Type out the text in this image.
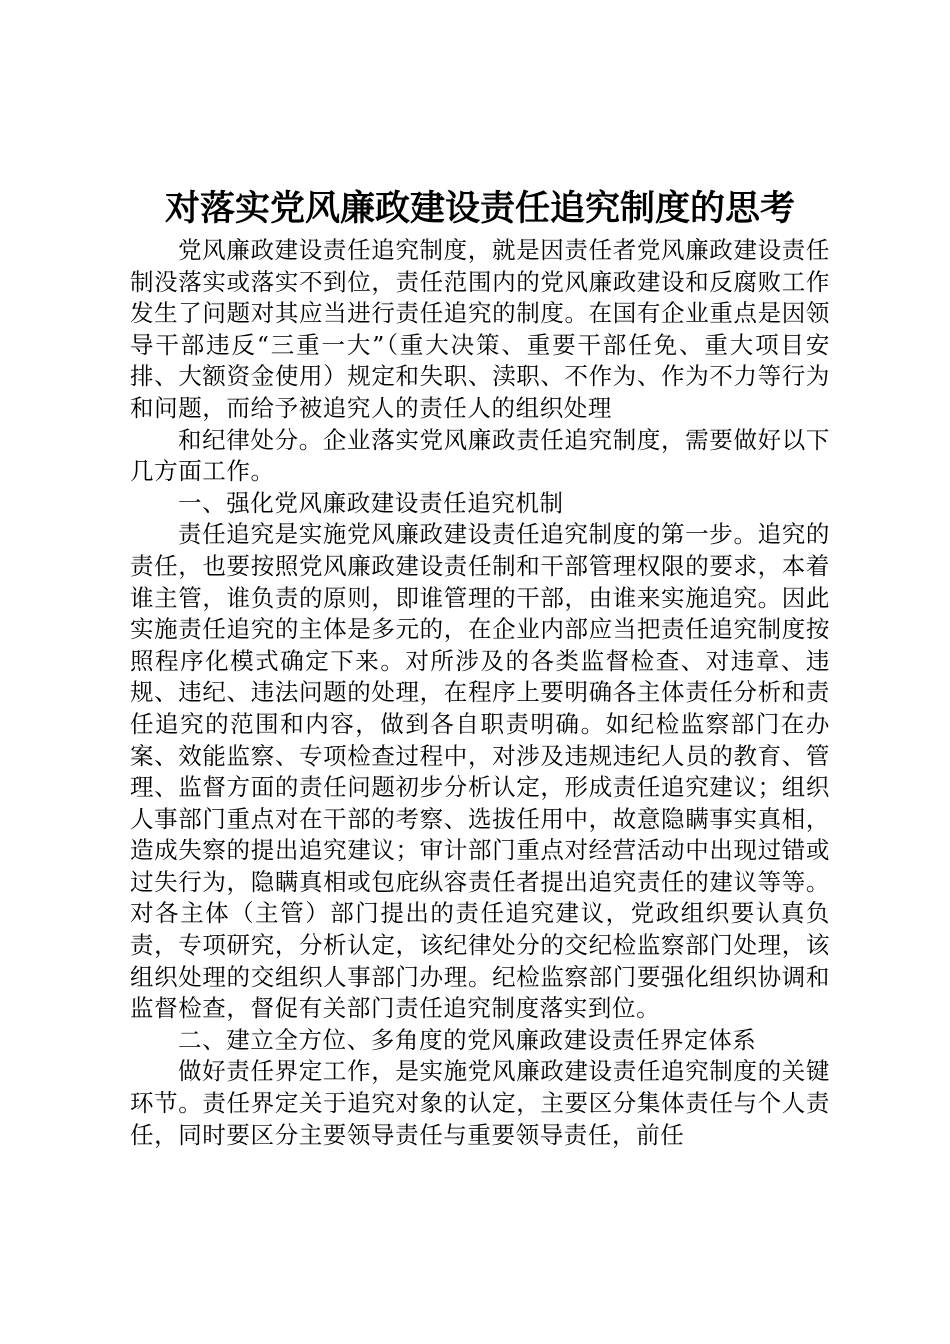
对落实党风廉政建设责任追究制度的思考

党风廉政建设责任追究制度，就是因责任者党风廉政建设责任制没落实或落实不到位，责任范围内的党风廉政建设和反腐败工作发生了问题对其应当进行责任追究的制度。在国有企业重点是因领导干部违反“三重一大”（重大决策、重要干部任免、重大项目安排、大额资金使用）规定和失职、渎职、不作为、作为不力等行为和问题，而给予被追究人的责任人的组织处理

和纪律处分。企业落实党风廉政责任追究制度，需要做好以下几方面工作。

一、强化党风廉政建设责任追究机制

责任追究是实施党风廉政建设责任追究制度的第一步。追究的责任，也要按照党风廉政建设责任制和干部管理权限的要求，本着谁主管，谁负责的原则，即谁管理的干部，由谁来实施追究。因此实施责任追究的主体是多元的，在企业内部应当把责任追究制度按照程序化模式确定下来。对所涉及的各类监督检查、对违章、违规、违纪、违法问题的处理，在程序上要明确各主体责任分析和责任追究的范围和内容，做到各自职责明确。如纪检监察部门在办案、效能监察、专项检查过程中，对涉及违规违纪人员的教育、管理、监督方面的责任问题初步分析认定，形成责任追究建议；组织人事部门重点对在干部的考察、选拔任用中，故意隐瞒事实真相，造成失察的提出追究建议；审计部门重点对经营活动中出现过错或过失行为，隐瞒真相或包庇纵容责任者提出追究责任的建议等等。对各主体（主管）部门提出的责任追究建议，党政组织要认真负责，专项研究，分析认定，该纪律处分的交纪检监察部门处理，该组织处理的交组织人事部门办理。纪检监察部门要强化组织协调和监督检查，督促有关部门责任追究制度落实到位。

二、建立全方位、多角度的党风廉政建设责任界定体系

做好责任界定工作，是实施党风廉政建设责任追究制度的关键环节。责任界定关于追究对象的认定，主要区分集体责任与个人责任，同时要区分主要领导责任与重要领导责任，前任
